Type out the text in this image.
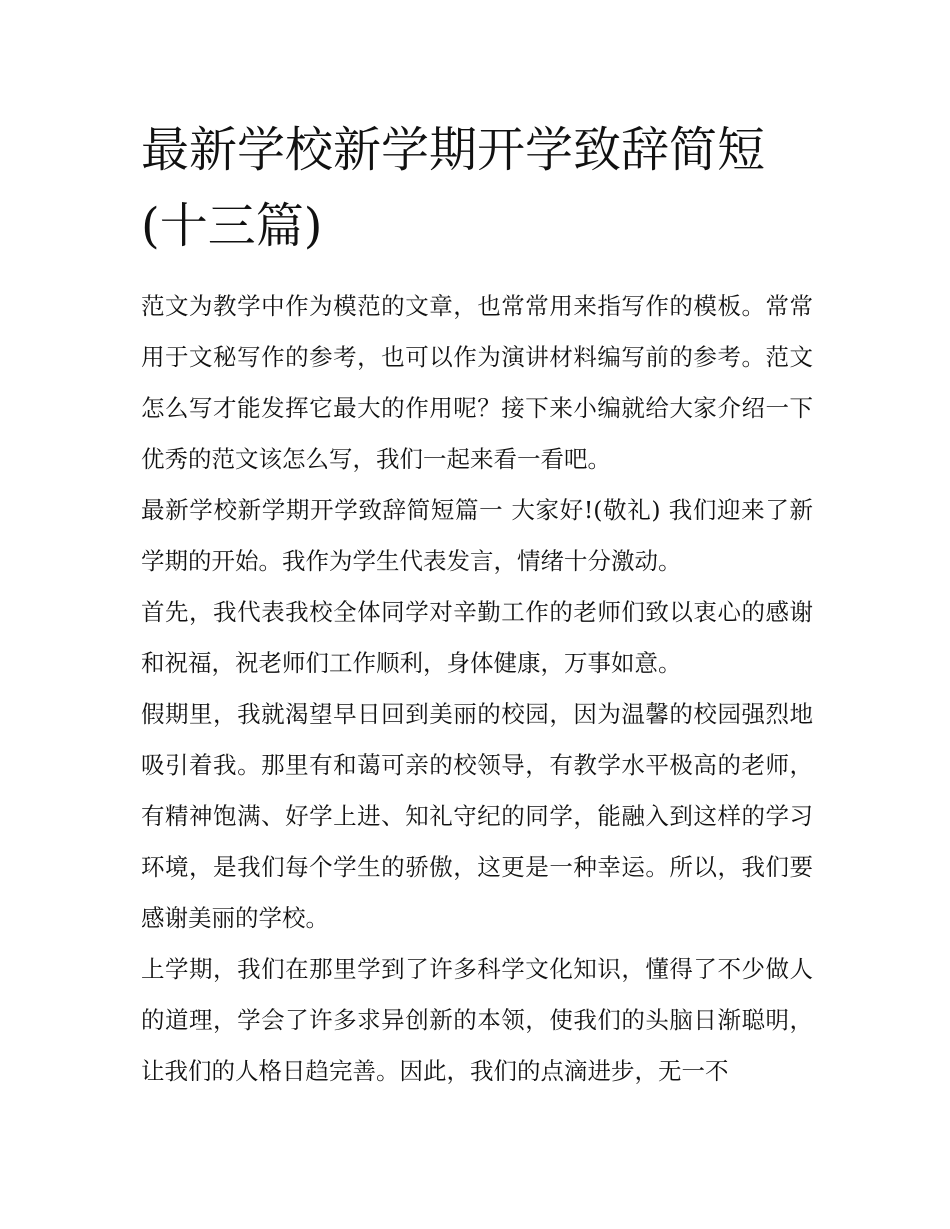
最新学校新学期开学致辞简短(十三篇)

范文为教学中作为模范的文章，也常常用来指写作的模板。常常用于文秘写作的参考，也可以作为演讲材料编写前的参考。范文怎么写才能发挥它最大的作用呢？接下来小编就给大家介绍一下优秀的范文该怎么写，我们一起来看一看吧。

最新学校新学期开学致辞简短篇一 大家好!(敬礼) 我们迎来了新学期的开始。我作为学生代表发言，情绪十分激动。

首先，我代表我校全体同学对辛勤工作的老师们致以衷心的感谢和祝福，祝老师们工作顺利，身体健康，万事如意。

假期里，我就渴望早日回到美丽的校园，因为温馨的校园强烈地吸引着我。那里有和蔼可亲的校领导，有教学水平极高的老师，有精神饱满、好学上进、知礼守纪的同学，能融入到这样的学习环境，是我们每个学生的骄傲，这更是一种幸运。所以，我们要感谢美丽的学校。

上学期，我们在那里学到了许多科学文化知识，懂得了不少做人的道理，学会了许多求异创新的本领，使我们的头脑日渐聪明，让我们的人格日趋完善。因此，我们的点滴进步，无一不
